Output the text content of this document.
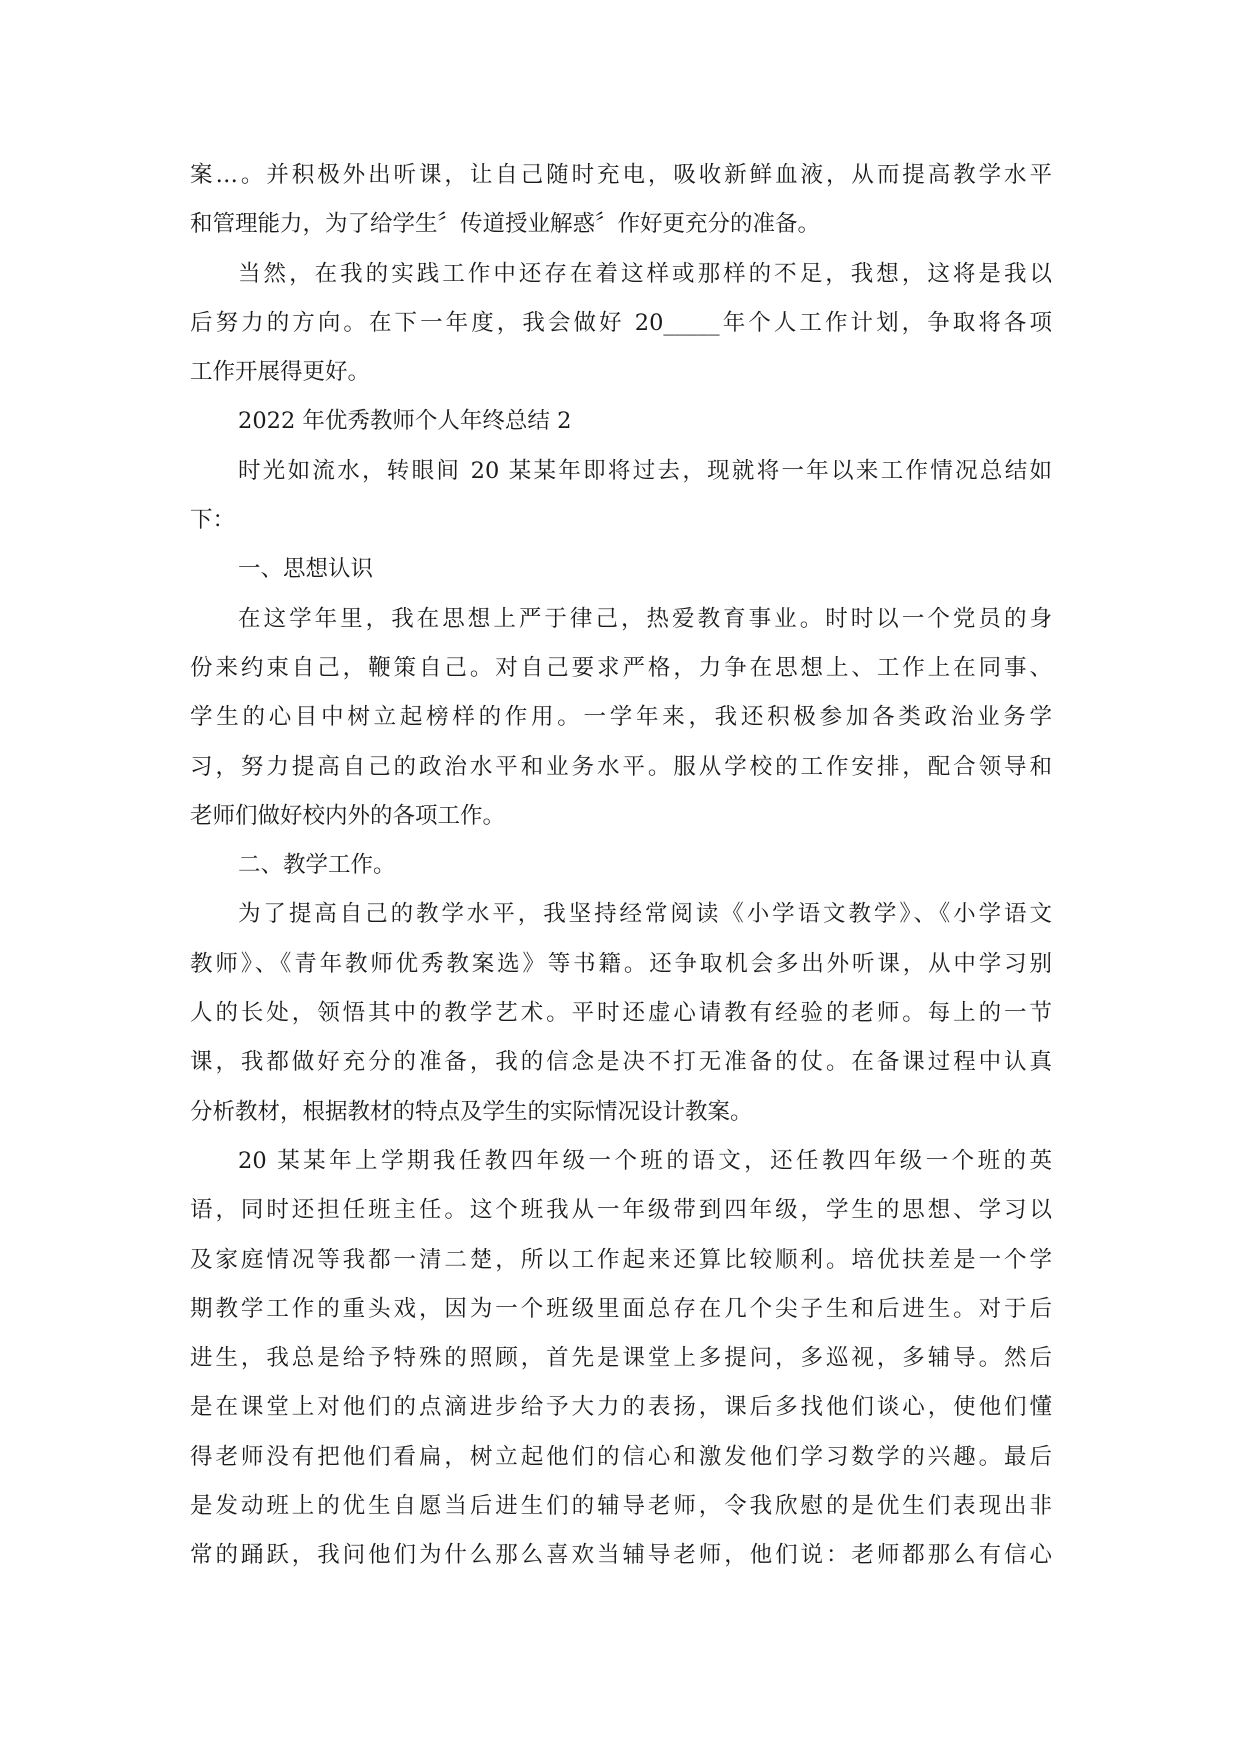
案…。并积极外出听课，让自己随时充电，吸收新鲜血液，从而提高教学水平
和管理能力，为了给学生〞传道授业解惑〞作好更充分的准备。
当然，在我的实践工作中还存在着这样或那样的不足，我想，这将是我以
后努力的方向。在下一年度，我会做好 20_____年个人工作计划，争取将各项
工作开展得更好。
2022 年优秀教师个人年终总结 2
时光如流水，转眼间 20 某某年即将过去，现就将一年以来工作情况总结如
下：
一、思想认识
在这学年里，我在思想上严于律己，热爱教育事业。时时以一个党员的身
份来约束自己，鞭策自己。对自己要求严格，力争在思想上、工作上在同事、
学生的心目中树立起榜样的作用。一学年来，我还积极参加各类政治业务学
习，努力提高自己的政治水平和业务水平。服从学校的工作安排，配合领导和
老师们做好校内外的各项工作。
二、教学工作。
为了提高自己的教学水平，我坚持经常阅读《小学语文教学》、《小学语文
教师》、《青年教师优秀教案选》等书籍。还争取机会多出外听课，从中学习别
人的长处，领悟其中的教学艺术。平时还虚心请教有经验的老师。每上的一节
课，我都做好充分的准备，我的信念是决不打无准备的仗。在备课过程中认真
分析教材，根据教材的特点及学生的实际情况设计教案。
20 某某年上学期我任教四年级一个班的语文，还任教四年级一个班的英
语，同时还担任班主任。这个班我从一年级带到四年级，学生的思想、学习以
及家庭情况等我都一清二楚，所以工作起来还算比较顺利。培优扶差是一个学
期教学工作的重头戏，因为一个班级里面总存在几个尖子生和后进生。对于后
进生，我总是给予特殊的照顾，首先是课堂上多提问，多巡视，多辅导。然后
是在课堂上对他们的点滴进步给予大力的表扬，课后多找他们谈心，使他们懂
得老师没有把他们看扁，树立起他们的信心和激发他们学习数学的兴趣。最后
是发动班上的优生自愿当后进生们的辅导老师，令我欣慰的是优生们表现出非
常的踊跃，我问他们为什么那么喜欢当辅导老师，他们说：老师都那么有信心
